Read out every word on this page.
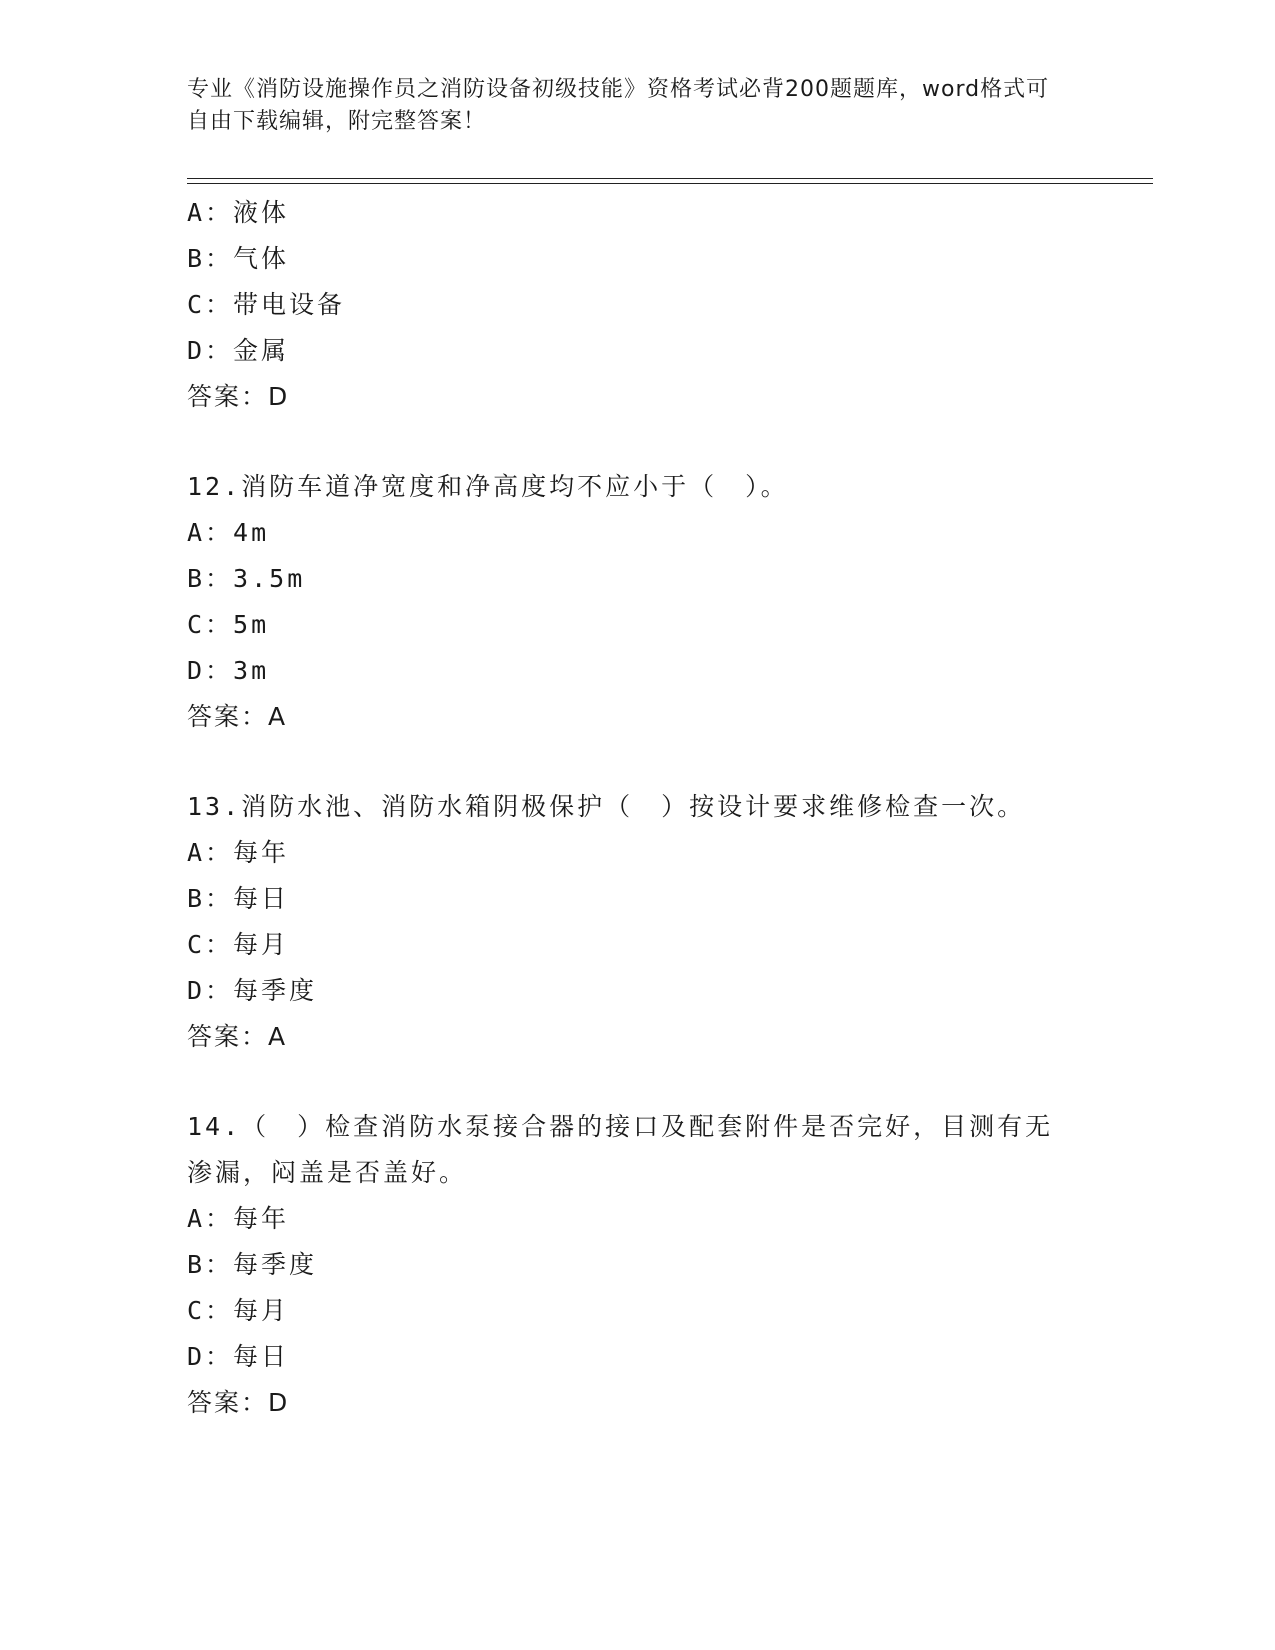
专业《消防设施操作员之消防设备初级技能》资格考试必背200题题库，word格式可自由下载编辑，附完整答案！
A：液体
B：气体
C：带电设备
D：金属
答案：D
12.消防车道净宽度和净高度均不应小于（　）。
A：4m
B：3.5m
C：5m
D：3m
答案：A
13.消防水池、消防水箱阴极保护（　）按设计要求维修检查一次。
A：每年
B：每日
C：每月
D：每季度
答案：A
14.（　）检查消防水泵接合器的接口及配套附件是否完好，目测有无渗漏，闷盖是否盖好。
A：每年
B：每季度
C：每月
D：每日
答案：D
